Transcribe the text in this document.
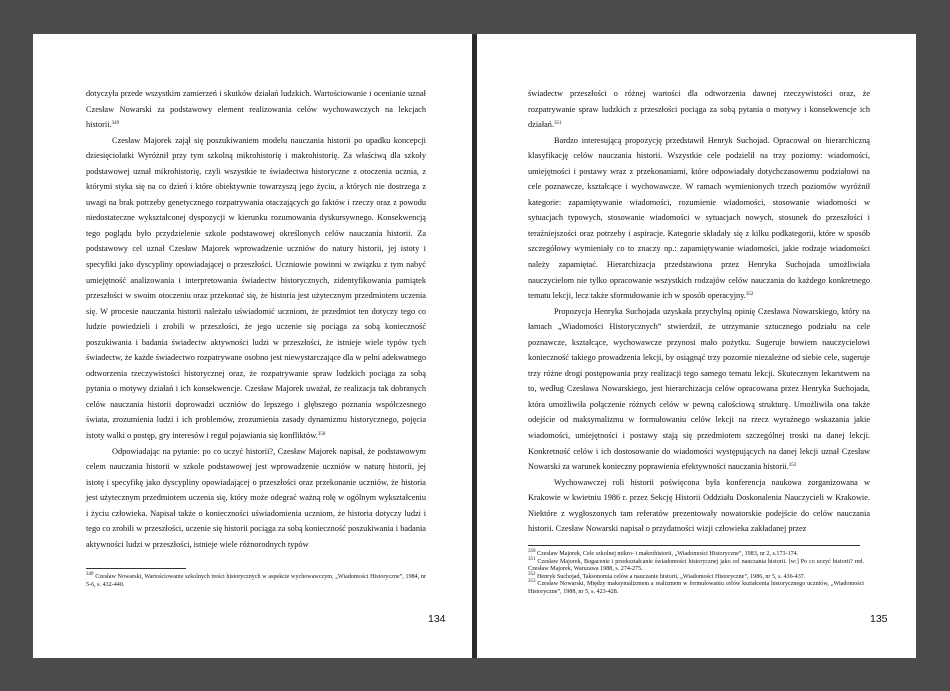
dotyczyła przede wszystkim zamierzeń i skutków działań ludzkich. Wartościowanie i ocenianie uznał Czesław Nowarski za podstawowy element realizowania celów wychowawczych na lekcjach historii.$^{349}$

Czesław Majorek zajął się poszukiwaniem modelu nauczania historii po upadku koncepcji dziesięciolatki Wyróżnił przy tym szkolną mikrohistorię i makrohistorię. Za właściwą dla szkoły podstawowej uznał mikrohistorię, czyli wszystkie te świadectwa historyczne z otoczenia ucznia, z którymi styka się na co dzień i które obiektywnie towarzyszą jego życiu, a których nie dostrzega z uwagi na brak potrzeby genetycznego rozpatrywania otaczających go faktów i rzeczy oraz z powodu niedostateczne wykształconej dyspozycji w kierunku rozumowania dyskursywnego. Konsekwencją tego poglądu było przydzielenie szkole podstawowej określonych celów nauczania historii. Za podstawowy cel uznał Czesław Majorek wprowadzenie uczniów do natury historii, jej istoty i specyfiki jako dyscypliny opowiadającej o przeszłości. Uczniowie powinni w związku z tym nabyć umiejętność analizowania i interpretowania świadectw historycznych, zidentyfikowania pamiątek przeszłości w swoim otoczeniu oraz przekonać się, że historia jest użytecznym przedmiotem uczenia się. W procesie nauczania historii należało uświadomić uczniom, że przedmiot ten dotyczy tego co ludzie powiedzieli i zrobili w przeszłości, że jego uczenie się pociąga za sobą konieczność poszukiwania i badania świadectw aktywności ludzi w przeszłości, że istnieje wiele typów tych świadectw, że każde świadectwo rozpatrywane osobno jest niewystarczające dla w pełni adekwatnego odtworzenia rzeczywistości historycznej oraz, że rozpatrywanie spraw ludzkich pociąga za sobą pytania o motywy działań i ich konsekwencje. Czesław Majorek uważał, że realizacja tak dobranych celów nauczania historii doprowadzi uczniów do lepszego i głębszego poznania współczesnego świata, zrozumienia ludzi i ich problemów, zrozumienia zasady dynamizmu historycznego, pojęcia istoty walki o postęp, gry interesów i reguł pojawiania się konfliktów.$^{350}$

Odpowiadając na pytanie: po co uczyć historii?, Czesław Majorek napisał, że podstawowym celem nauczania historii w szkole podstawowej jest wprowadzenie uczniów w naturę historii, jej istotę i specyfikę jako dyscypliny opowiadającej o przeszłości oraz przekonanie uczniów, że historia jest użytecznym przedmiotem uczenia się, który może odegrać ważną rolę w ogólnym wykształceniu i życiu człowieka. Napisał także o konieczności uświadomienia uczniom, że historia dotyczy ludzi i tego co zrobili w przeszłości, uczenie się historii pociąga za sobą konieczność poszukiwania i badania aktywności ludzi w przeszłości, istnieje wiele różnorodnych typów

$^{349}$ Czesław Nowarski, Wartościowanie szkolnych treści historycznych w aspekcie wychowawczym, „Wiadomości Historyczne”, 1984, nr 5-6, s. 432-440.
134

świadectw przeszłości o różnej wartości dla odtworzenia dawnej rzeczywistości oraz, że rozpatrywanie spraw ludzkich z przeszłości pociąga za sobą pytania o motywy i konsekwencje ich działań.$^{351}$

Bardzo interesującą propozycję przedstawił Henryk Suchojad. Opracował on hierarchiczną klasyfikację celów nauczania historii. Wszystkie cele podzielił na trzy poziomy: wiadomości, umiejętności i postawy wraz z przekonaniami, które odpowiadały dotychczasowemu podziałowi na cele poznawcze, kształcące i wychowawcze. W ramach wymienionych trzech poziomów wyróżnił kategorie: zapamiętywanie wiadomości, rozumienie wiadomości, stosowanie wiadomości w sytuacjach typowych, stosowanie wiadomości w sytuacjach nowych, stosunek do przeszłości i teraźniejszości oraz potrzeby i aspiracje. Kategorie składały się z kilku podkategorii, które w sposób szczegółowy wymieniały co to znaczy np.: zapamiętywanie wiadomości, jakie rodzaje wiadomości należy zapamiętać. Hierarchizacja przedstawiona przez Henryka Suchojada umożliwiała nauczycielom nie tylko opracowanie wszystkich rodzajów celów nauczania do każdego konkretnego tematu lekcji, lecz także sformułowanie ich w sposób operacyjny.$^{352}$

Propozycja Henryka Suchojada uzyskała przychylną opinię Czesława Nowarskiego, który na łamach „Wiadomości Historycznych” stwierdził, że utrzymanie sztucznego podziału na cele poznawcze, kształcące, wychowawcze przynosi mało pożytku. Sugeruje bowiem nauczycielowi konieczność takiego prowadzenia lekcji, by osiągnąć trzy pozornie niezależne od siebie cele, sugeruje trzy różne drogi postępowania przy realizacji tego samego tematu lekcji. Skutecznym lekarstwem na to, według Czesława Nowarskiego, jest hierarchizacja celów opracowana przez Henryka Suchojada, która umożliwiła połączenie różnych celów w pewną całościową strukturę. Umożliwiła ona także odejście od maksymalizmu w formułowaniu celów lekcji na rzecz wyraźnego wskazania jakie wiadomości, umiejętności i postawy stają się przedmiotem szczególnej troski na danej lekcji. Konkretność celów i ich dostosowanie do wiadomości występujących na danej lekcji uznał Czesław Nowarski za warunek konieczny poprawienia efektywności nauczania historii.$^{353}$

Wychowawczej roli historii poświęcona była konferencja naukowa zorganizowana w Krakowie w kwietniu 1986 r. przez Sekcję Historii Oddziału Doskonalenia Nauczycieli w Krakowie. Niektóre z wygłoszonych tam referatów prezentowały nowatorskie podejście do celów nauczania historii. Czesław Nowarski napisał o przydatności wizji człowieka zakładanej przez

$^{350}$ Czesław Majorek, Cele szkolnej mikro- i makrohistorii, „Wiadomości Historyczne”, 1983, nr 2, s.173-174.
$^{351}$ Czesław Majorek, Bogacenie i przekształcanie świadomości historycznej jako cel nauczania historii. [w:] Po co uczyć historii? red. Czesław Majorek, Warszawa 1988, s. 274-275.
$^{352}$ Henryk Suchojad, Taksonomia celów a nauczanie historii, „Wiadomości Historyczne”, 1986, nr 5, s. 436-437.
$^{353}$ Czesław Nowarski, Między maksymalizmem a realizmem w formułowaniu celów kształcenia historycznego uczniów, „Wiadomości Historyczne”, 1988, nr 5, s. 423-428.
135
